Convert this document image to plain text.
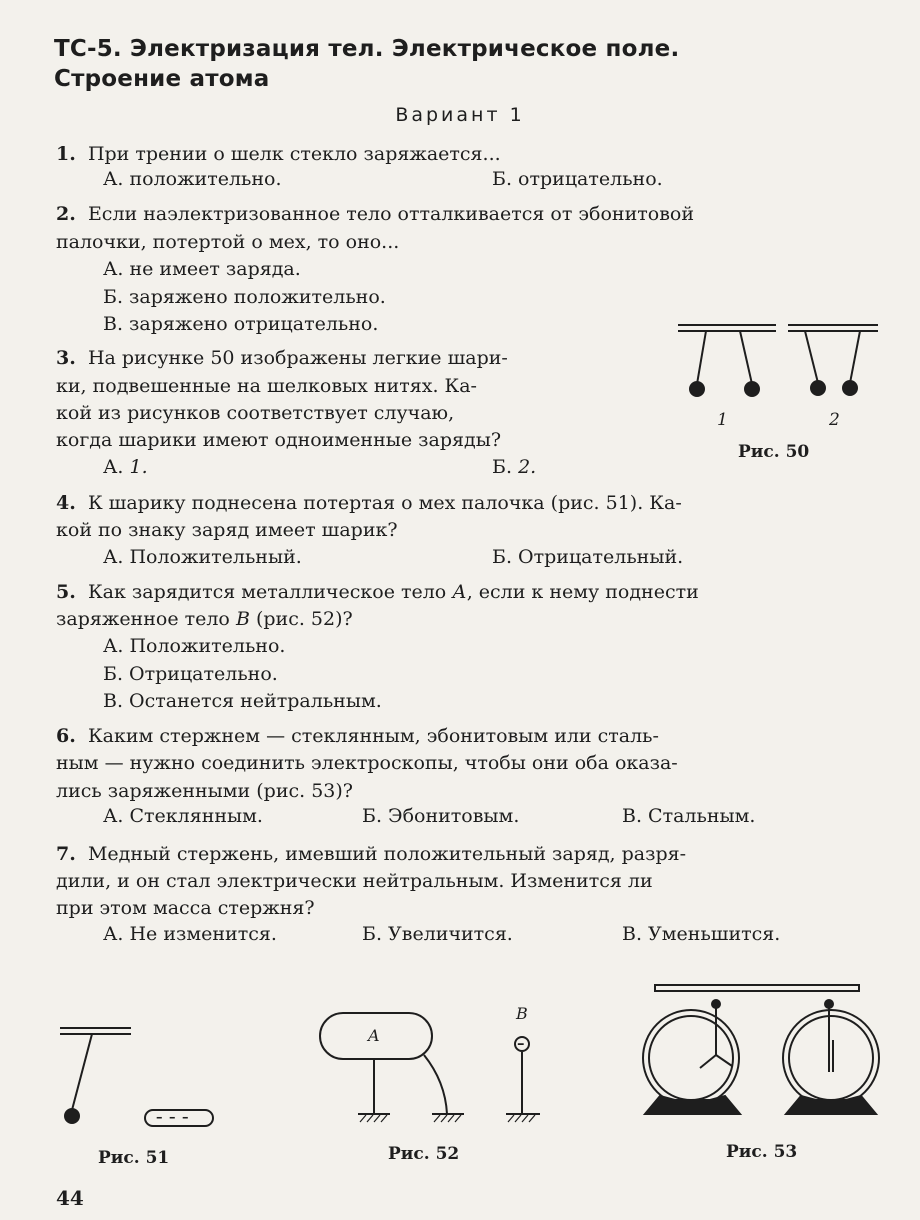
ТС-5. Электризация тел. Электрическое поле.
Строение атома
Вариант 1
1. При трении о шелк стекло заряжается...
А. положительно.	Б. отрицательно.
2. Если наэлектризованное тело отталкивается от эбонитовой
палочки, потертой о мех, то оно...
А. не имеет заряда.
Б. заряжено положительно.
В. заряжено отрицательно.
3. На рисунке 50 изображены легкие шари-
ки, подвешенные на шелковых нитях. Ка-
кой из рисунков соответствует случаю,
когда шарики имеют одноименные заряды?
А. 1.	Б. 2.
4. К шарику поднесена потертая о мех палочка (рис. 51). Ка-
кой по знаку заряд имеет шарик?
А. Положительный.	Б. Отрицательный.
5. Как зарядится металлическое тело А, если к нему поднести
заряженное тело В (рис. 52)?
А. Положительно.
Б. Отрицательно.
В. Останется нейтральным.
6. Каким стержнем — стеклянным, эбонитовым или сталь-
ным — нужно соединить электроскопы, чтобы они оба оказа-
лись заряженными (рис. 53)?
А. Стеклянным.	Б. Эбонитовым.	В. Стальным.
7. Медный стержень, имевший положительный заряд, разря-
дили, и он стал электрически нейтральным. Изменится ли
при этом масса стержня?
А. Не изменится.	Б. Увеличится.	В. Уменьшится.
1	2
Рис. 50
– – –
Рис. 51
A
B
–
Рис. 52	Рис. 53
44
